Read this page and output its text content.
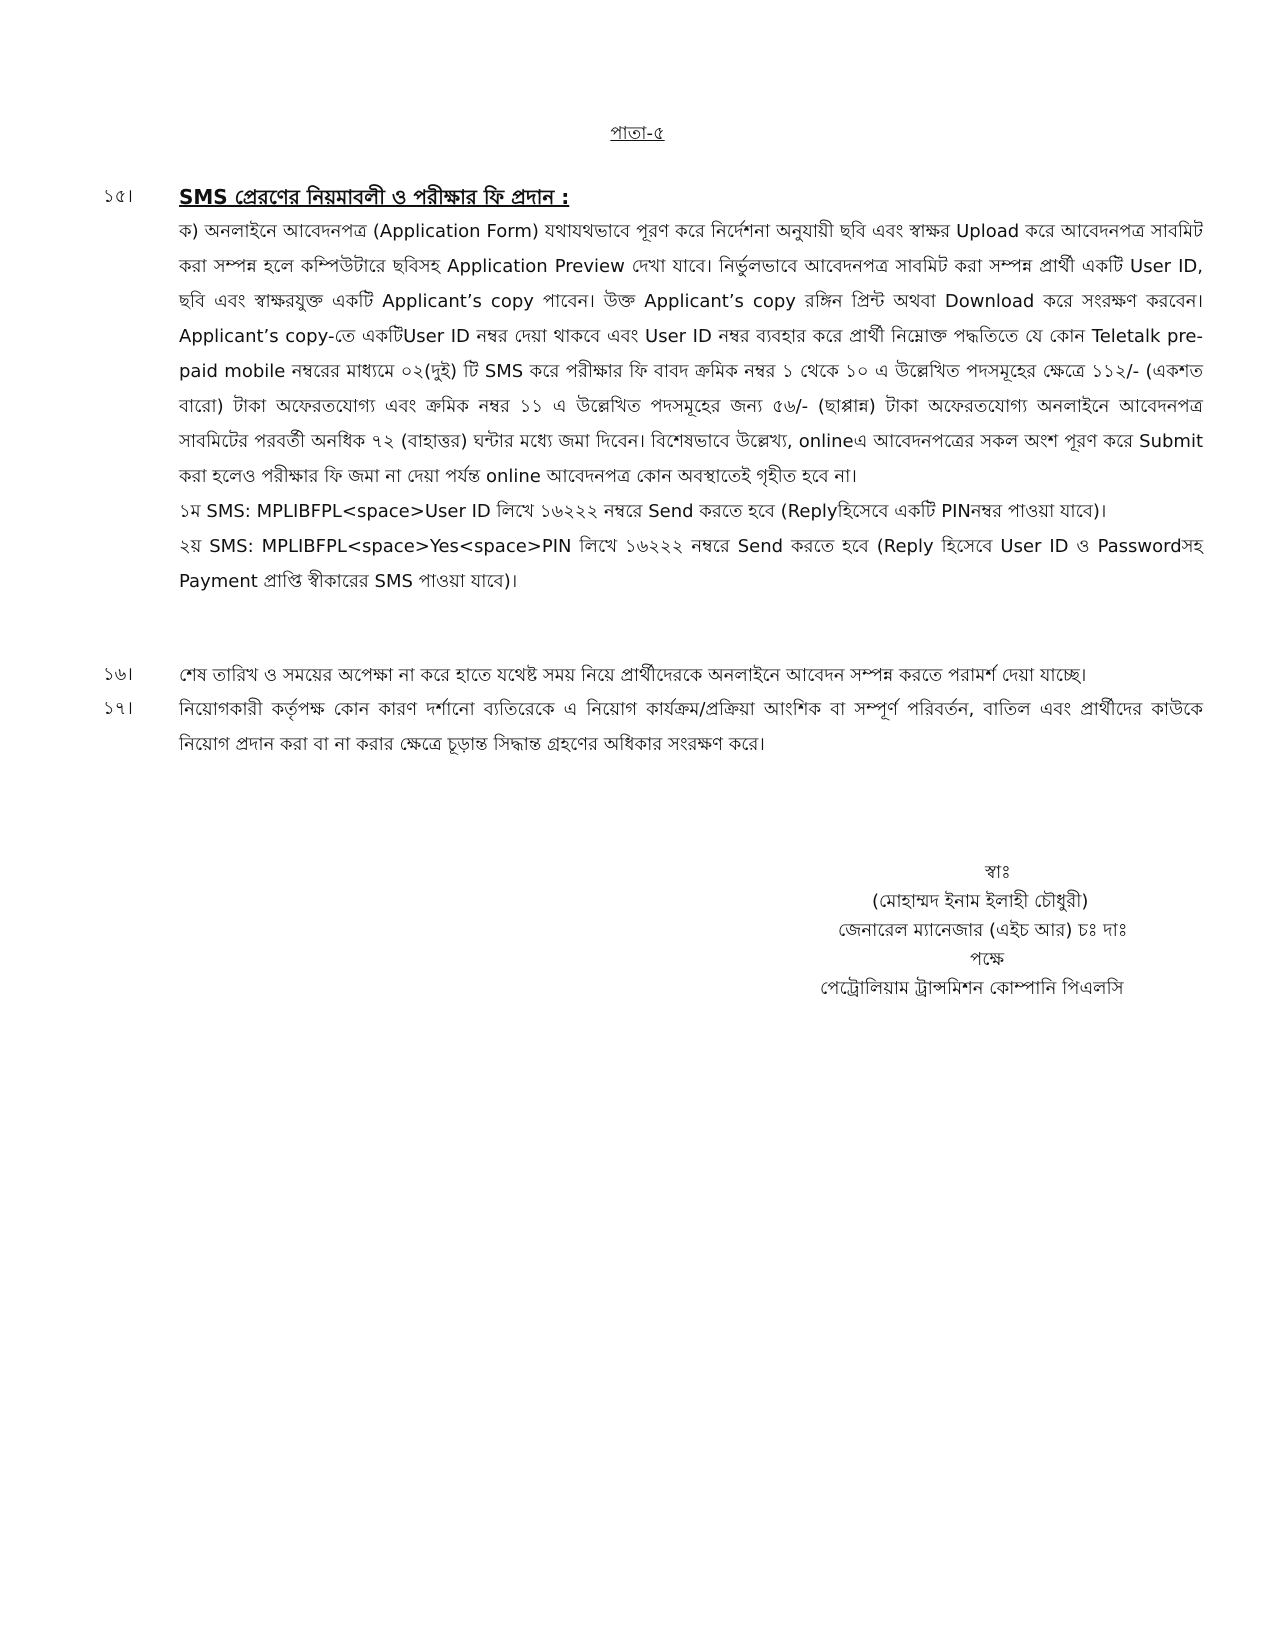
পাতা-৫
১৫।	SMS প্রেরণের নিয়মাবলী ও পরীক্ষার ফি প্রদান :

ক) অনলাইনে আবেদনপত্র (Application Form) যথাযথভাবে পূরণ করে নির্দেশনা অনুযায়ী ছবি এবং স্বাক্ষর Upload করে আবেদনপত্র সাবমিট করা সম্পন্ন হলে কম্পিউটারে ছবিসহ Application Preview দেখা যাবে। নির্ভুলভাবে আবেদনপত্র সাবমিট করা সম্পন্ন প্রার্থী একটি User ID, ছবি এবং স্বাক্ষরযুক্ত একটি Applicant’s copy পাবেন। উক্ত Applicant’s copy রঙ্গিন প্রিন্ট অথবা Download করে সংরক্ষণ করবেন। Applicant’s copy-তে একটিUser ID নম্বর দেয়া থাকবে এবং User ID নম্বর ব্যবহার করে প্রার্থী নিম্নোক্ত পদ্ধতিতে যে কোন Teletalk pre-paid mobile নম্বরের মাধ্যমে ০২(দুই) টি SMS করে পরীক্ষার ফি বাবদ ক্রমিক নম্বর ১ থেকে ১০ এ উল্লেখিত পদসমূহের ক্ষেত্রে ১১২/- (একশত বারো) টাকা অফেরতযোগ্য এবং ক্রমিক নম্বর ১১ এ উল্লেখিত পদসমূহের জন্য ৫৬/- (ছাপ্পান্ন) টাকা অফেরতযোগ্য অনলাইনে আবেদনপত্র সাবমিটের পরবর্তী অনধিক ৭২ (বাহাত্তর) ঘন্টার মধ্যে জমা দিবেন। বিশেষভাবে উল্লেখ্য, onlineএ আবেদনপত্রের সকল অংশ পূরণ করে Submit করা হলেও পরীক্ষার ফি জমা না দেয়া পর্যন্ত online আবেদনপত্র কোন অবস্থাতেই গৃহীত হবে না।

১ম SMS: MPLIBFPL<space>User ID লিখে ১৬২২২ নম্বরে Send করতে হবে (Replyহিসেবে একটি PINনম্বর পাওয়া যাবে)।

২য় SMS: MPLIBFPL<space>Yes<space>PIN লিখে ১৬২২২ নম্বরে Send করতে হবে (Reply হিসেবে User ID ও Passwordসহ Payment প্রাপ্তি স্বীকারের SMS পাওয়া যাবে)।

১৬।	শেষ তারিখ ও সময়ের অপেক্ষা না করে হাতে যথেষ্ট সময় নিয়ে প্রার্থীদেরকে অনলাইনে আবেদন সম্পন্ন করতে পরামর্শ দেয়া যাচ্ছে।
১৭।	নিয়োগকারী কর্তৃপক্ষ কোন কারণ দর্শানো ব্যতিরেকে এ নিয়োগ কার্যক্রম/প্রক্রিয়া আংশিক বা সম্পূর্ণ পরিবর্তন, বাতিল এবং প্রার্থীদের কাউকে নিয়োগ প্রদান করা বা না করার ক্ষেত্রে চূড়ান্ত সিদ্ধান্ত গ্রহণের অধিকার সংরক্ষণ করে।
স্বাঃ
(মোহাম্মদ ইনাম ইলাহী চৌধুরী)
জেনারেল ম্যানেজার (এইচ আর) চঃ দাঃ
পক্ষে
পেট্রোলিয়াম ট্রান্সমিশন কোম্পানি পিএলসি
